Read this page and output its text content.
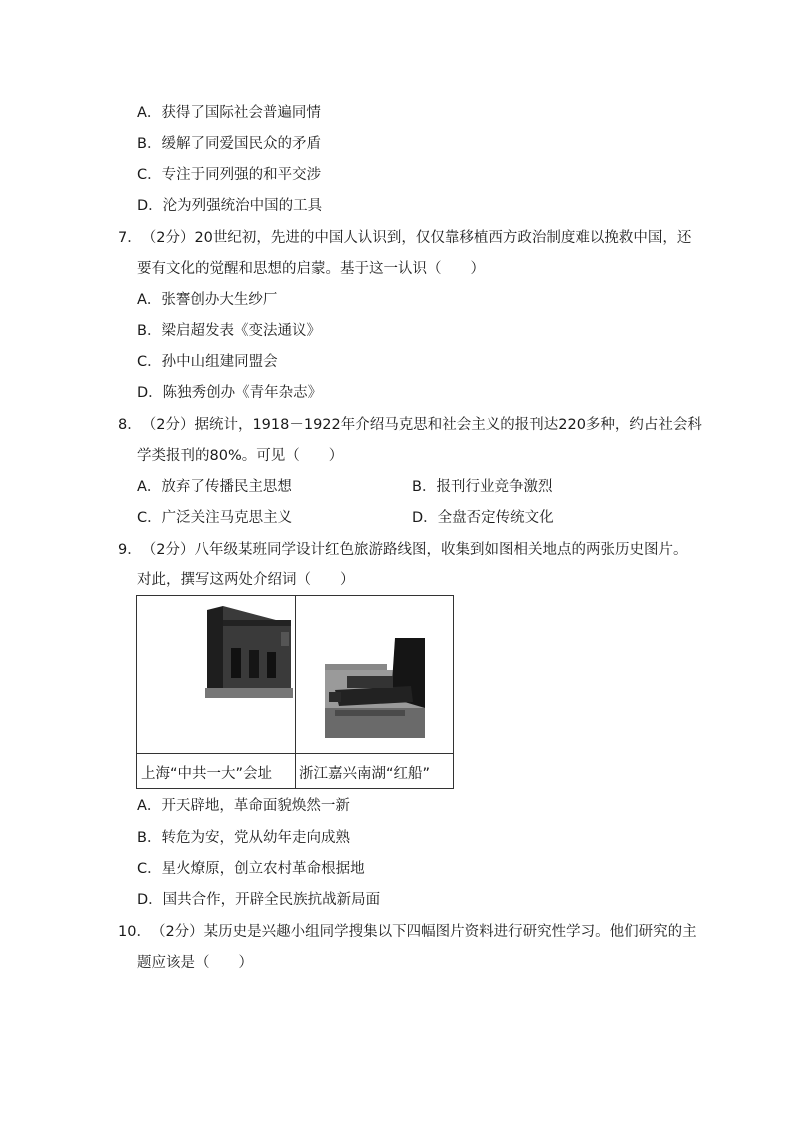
A．获得了国际社会普遍同情
B．缓解了同爱国民众的矛盾
C．专注于同列强的和平交涉
D．沦为列强统治中国的工具
7．（2分）20世纪初，先进的中国人认识到，仅仅靠移植西方政治制度难以挽救中国，还
要有文化的觉醒和思想的启蒙。基于这一认识（　　）
A．张謇创办大生纱厂
B．梁启超发表《变法通议》
C．孙中山组建同盟会
D．陈独秀创办《青年杂志》
8．（2分）据统计，1918－1922年介绍马克思和社会主义的报刊达220多种，约占社会科
学类报刊的80%。可见（　　）
A．放弃了传播民主思想	B．报刊行业竞争激烈
C．广泛关注马克思主义	D．全盘否定传统文化
9．（2分）八年级某班同学设计红色旅游路线图，收集到如图相关地点的两张历史图片。
对此，撰写这两处介绍词（　　）
上海“中共一大”会址 浙江嘉兴南湖“红船”
A．开天辟地，革命面貌焕然一新
B．转危为安，党从幼年走向成熟
C．星火燎原，创立农村革命根据地
D．国共合作，开辟全民族抗战新局面
10．（2分）某历史是兴趣小组同学搜集以下四幅图片资料进行研究性学习。他们研究的主
题应该是（　　）
